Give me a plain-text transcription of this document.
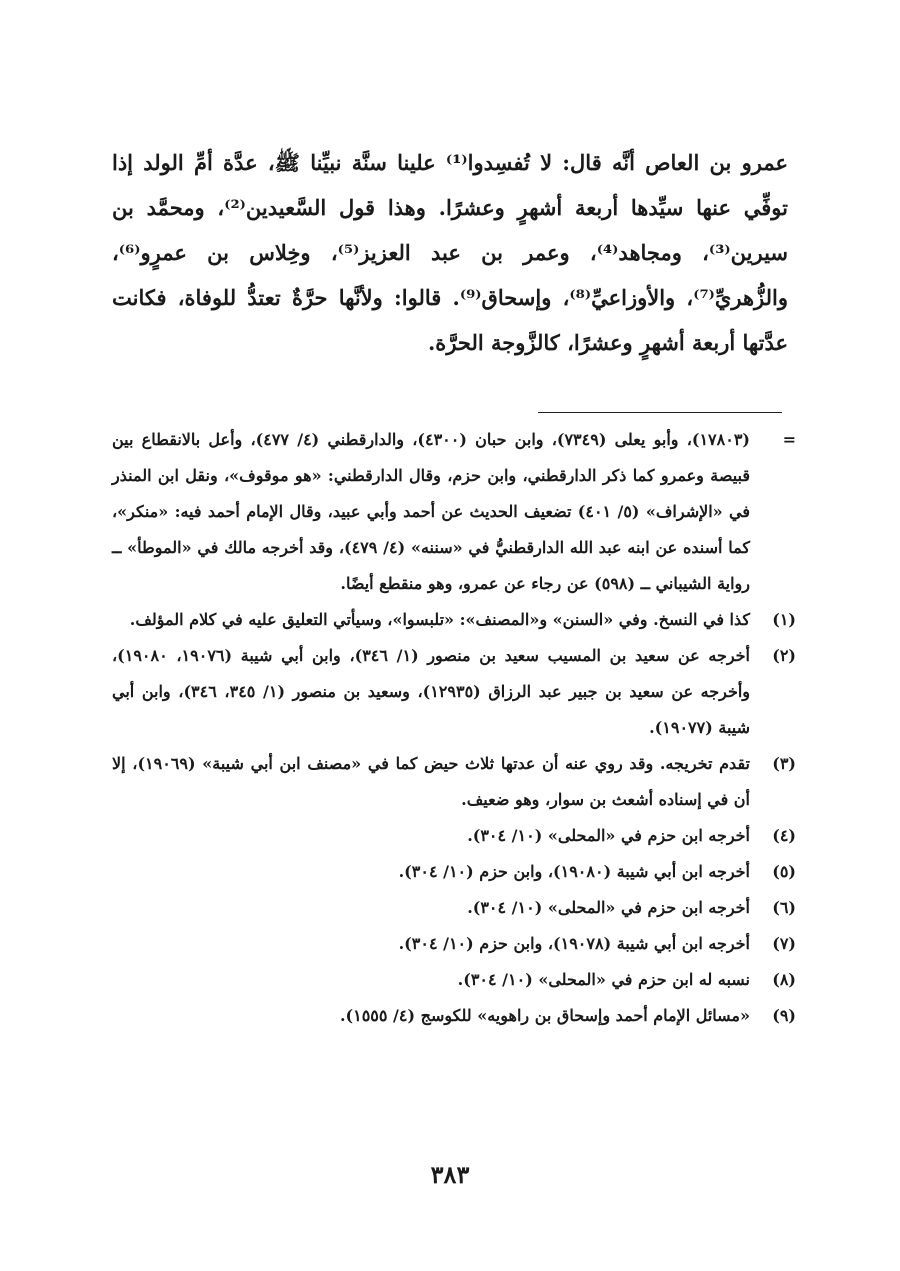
عمرو بن العاص أنَّه قال: لا تُفسِدوا⁽¹⁾ علينا سنَّة نبيِّنا ﷺ، عدَّة أمِّ الولد إذا توفِّي عنها سيِّدها أربعة أشهرٍ وعشرًا. وهذا قول السَّعيدين⁽²⁾، ومحمَّد بن سيرين⁽³⁾، ومجاهد⁽⁴⁾، وعمر بن عبد العزيز⁽⁵⁾، وخِلاس بن عمرٍو⁽⁶⁾، والزُّهريِّ⁽⁷⁾، والأوزاعيِّ⁽⁸⁾، وإسحاق⁽⁹⁾. قالوا: ولأنَّها حرَّةٌ تعتدُّ للوفاة، فكانت عدَّتها أربعة أشهرٍ وعشرًا، كالزَّوجة الحرَّة.

=
(١٧٨٠٣)، وأبو يعلى (٧٣٤٩)، وابن حبان (٤٣٠٠)، والدارقطني (٤/ ٤٧٧)، وأعل بالانقطاع بين قبيصة وعمرو كما ذكر الدارقطني، وابن حزم، وقال الدارقطني: «هو موقوف»، ونقل ابن المنذر في «الإشراف» (٥/ ٤٠١) تضعيف الحديث عن أحمد وأبي عبيد، وقال الإمام أحمد فيه: «منكر»، كما أسنده عن ابنه عبد الله الدارقطنيُّ في «سننه» (٤/ ٤٧٩)، وقد أخرجه مالك في «الموطأ» ــ رواية الشيباني ــ (٥٩٨) عن رجاء عن عمرو، وهو منقطع أيضًا.
(١)
كذا في النسخ. وفي «السنن» و«المصنف»: «تلبسوا»، وسيأتي التعليق عليه في كلام المؤلف.
(٢)
أخرجه عن سعيد بن المسيب سعيد بن منصور (١/ ٣٤٦)، وابن أبي شيبة (١٩٠٧٦، ١٩٠٨٠)، وأخرجه عن سعيد بن جبير عبد الرزاق (١٢٩٣٥)، وسعيد بن منصور (١/ ٣٤٥، ٣٤٦)، وابن أبي شيبة (١٩٠٧٧).
(٣)
تقدم تخريجه. وقد روي عنه أن عدتها ثلاث حيض كما في «مصنف ابن أبي شيبة» (١٩٠٦٩)، إلا أن في إسناده أشعث بن سوار، وهو ضعيف.
(٤)
أخرجه ابن حزم في «المحلى» (١٠/ ٣٠٤).
(٥)
أخرجه ابن أبي شيبة (١٩٠٨٠)، وابن حزم (١٠/ ٣٠٤).
(٦)
أخرجه ابن حزم في «المحلى» (١٠/ ٣٠٤).
(٧)
أخرجه ابن أبي شيبة (١٩٠٧٨)، وابن حزم (١٠/ ٣٠٤).
(٨)
نسبه له ابن حزم في «المحلى» (١٠/ ٣٠٤).
(٩)
«مسائل الإمام أحمد وإسحاق بن راهويه» للكوسج (٤/ ١٥٥٥).
٣٨٣
